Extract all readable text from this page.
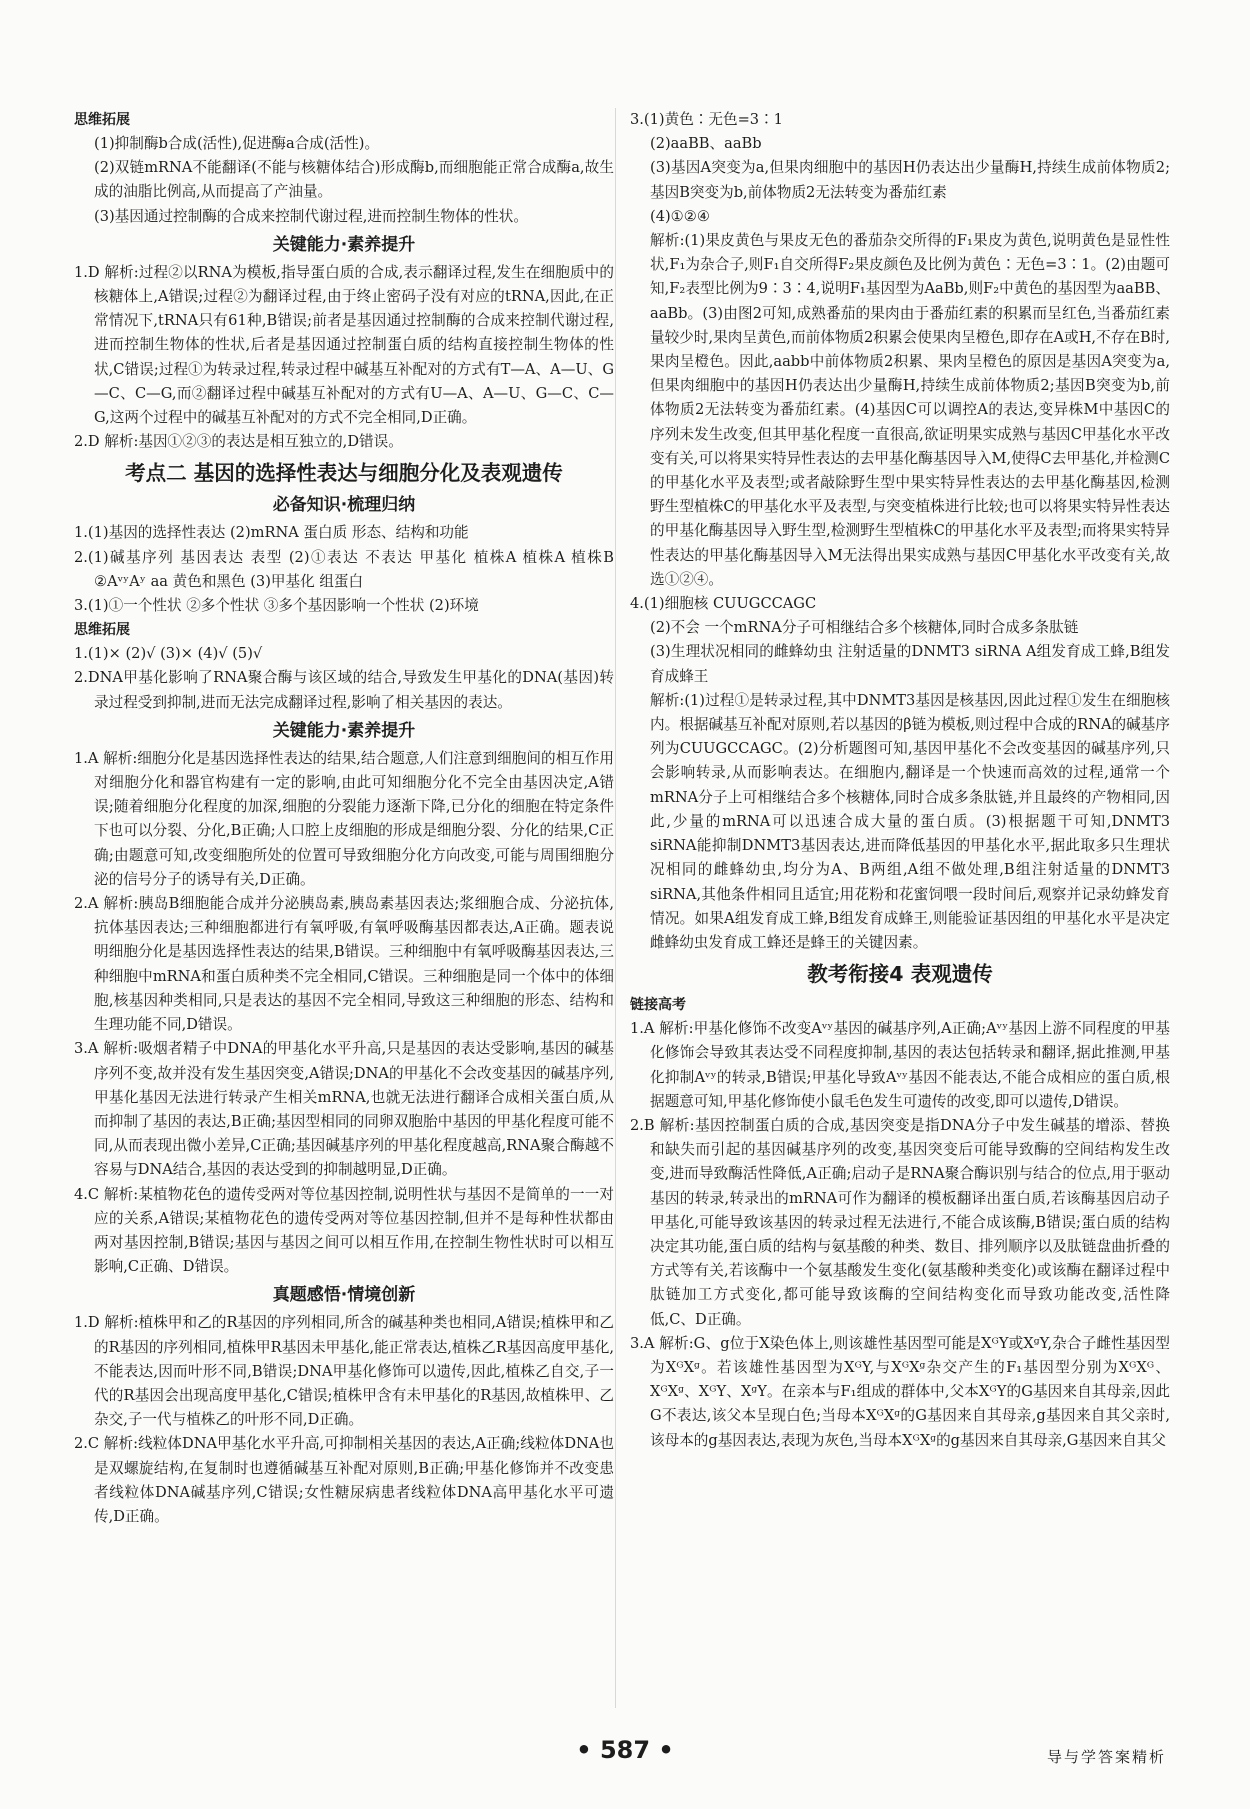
思维拓展

(1)抑制酶b合成(活性),促进酶a合成(活性)。

(2)双链mRNA不能翻译(不能与核糖体结合)形成酶b,而细胞能正常合成酶a,故生成的油脂比例高,从而提高了产油量。

(3)基因通过控制酶的合成来控制代谢过程,进而控制生物体的性状。

关键能力·素养提升

1.D 解析:过程②以RNA为模板,指导蛋白质的合成,表示翻译过程,发生在细胞质中的核糖体上,A错误;过程②为翻译过程,由于终止密码子没有对应的tRNA,因此,在正常情况下,tRNA只有61种,B错误;前者是基因通过控制酶的合成来控制代谢过程,进而控制生物体的性状,后者是基因通过控制蛋白质的结构直接控制生物体的性状,C错误;过程①为转录过程,转录过程中碱基互补配对的方式有T—A、A—U、G—C、C—G,而②翻译过程中碱基互补配对的方式有U—A、A—U、G—C、C—G,这两个过程中的碱基互补配对的方式不完全相同,D正确。

2.D 解析:基因①②③的表达是相互独立的,D错误。

考点二 基因的选择性表达与细胞分化及表观遗传

必备知识·梳理归纳

1.(1)基因的选择性表达 (2)mRNA 蛋白质 形态、结构和功能

2.(1)碱基序列 基因表达 表型 (2)①表达 不表达 甲基化 植株A 植株A 植株B ②AᵛʸAʸ aa 黄色和黑色 (3)甲基化 组蛋白

3.(1)①一个性状 ②多个性状 ③多个基因影响一个性状 (2)环境

思维拓展

1.(1)× (2)√ (3)× (4)√ (5)√

2.DNA甲基化影响了RNA聚合酶与该区域的结合,导致发生甲基化的DNA(基因)转录过程受到抑制,进而无法完成翻译过程,影响了相关基因的表达。

关键能力·素养提升

1.A 解析:细胞分化是基因选择性表达的结果,结合题意,人们注意到细胞间的相互作用对细胞分化和器官构建有一定的影响,由此可知细胞分化不完全由基因决定,A错误;随着细胞分化程度的加深,细胞的分裂能力逐渐下降,已分化的细胞在特定条件下也可以分裂、分化,B正确;人口腔上皮细胞的形成是细胞分裂、分化的结果,C正确;由题意可知,改变细胞所处的位置可导致细胞分化方向改变,可能与周围细胞分泌的信号分子的诱导有关,D正确。

2.A 解析:胰岛B细胞能合成并分泌胰岛素,胰岛素基因表达;浆细胞合成、分泌抗体,抗体基因表达;三种细胞都进行有氧呼吸,有氧呼吸酶基因都表达,A正确。题表说明细胞分化是基因选择性表达的结果,B错误。三种细胞中有氧呼吸酶基因表达,三种细胞中mRNA和蛋白质种类不完全相同,C错误。三种细胞是同一个体中的体细胞,核基因种类相同,只是表达的基因不完全相同,导致这三种细胞的形态、结构和生理功能不同,D错误。

3.A 解析:吸烟者精子中DNA的甲基化水平升高,只是基因的表达受影响,基因的碱基序列不变,故并没有发生基因突变,A错误;DNA的甲基化不会改变基因的碱基序列,甲基化基因无法进行转录产生相关mRNA,也就无法进行翻译合成相关蛋白质,从而抑制了基因的表达,B正确;基因型相同的同卵双胞胎中基因的甲基化程度可能不同,从而表现出微小差异,C正确;基因碱基序列的甲基化程度越高,RNA聚合酶越不容易与DNA结合,基因的表达受到的抑制越明显,D正确。

4.C 解析:某植物花色的遗传受两对等位基因控制,说明性状与基因不是简单的一一对应的关系,A错误;某植物花色的遗传受两对等位基因控制,但并不是每种性状都由两对基因控制,B错误;基因与基因之间可以相互作用,在控制生物性状时可以相互影响,C正确、D错误。

真题感悟·情境创新

1.D 解析:植株甲和乙的R基因的序列相同,所含的碱基种类也相同,A错误;植株甲和乙的R基因的序列相同,植株甲R基因未甲基化,能正常表达,植株乙R基因高度甲基化,不能表达,因而叶形不同,B错误;DNA甲基化修饰可以遗传,因此,植株乙自交,子一代的R基因会出现高度甲基化,C错误;植株甲含有未甲基化的R基因,故植株甲、乙杂交,子一代与植株乙的叶形不同,D正确。

2.C 解析:线粒体DNA甲基化水平升高,可抑制相关基因的表达,A正确;线粒体DNA也是双螺旋结构,在复制时也遵循碱基互补配对原则,B正确;甲基化修饰并不改变患者线粒体DNA碱基序列,C错误;女性糖尿病患者线粒体DNA高甲基化水平可遗传,D正确。

3.(1)黄色∶无色=3∶1

(2)aaBB、aaBb

(3)基因A突变为a,但果肉细胞中的基因H仍表达出少量酶H,持续生成前体物质2;基因B突变为b,前体物质2无法转变为番茄红素

(4)①②④

解析:(1)果皮黄色与果皮无色的番茄杂交所得的F₁果皮为黄色,说明黄色是显性性状,F₁为杂合子,则F₁自交所得F₂果皮颜色及比例为黄色∶无色=3∶1。(2)由题可知,F₂表型比例为9∶3∶4,说明F₁基因型为AaBb,则F₂中黄色的基因型为aaBB、aaBb。(3)由图2可知,成熟番茄的果肉由于番茄红素的积累而呈红色,当番茄红素量较少时,果肉呈黄色,而前体物质2积累会使果肉呈橙色,即存在A或H,不存在B时,果肉呈橙色。因此,aabb中前体物质2积累、果肉呈橙色的原因是基因A突变为a,但果肉细胞中的基因H仍表达出少量酶H,持续生成前体物质2;基因B突变为b,前体物质2无法转变为番茄红素。(4)基因C可以调控A的表达,变异株M中基因C的序列未发生改变,但其甲基化程度一直很高,欲证明果实成熟与基因C甲基化水平改变有关,可以将果实特异性表达的去甲基化酶基因导入M,使得C去甲基化,并检测C的甲基化水平及表型;或者敲除野生型中果实特异性表达的去甲基化酶基因,检测野生型植株C的甲基化水平及表型,与突变植株进行比较;也可以将果实特异性表达的甲基化酶基因导入野生型,检测野生型植株C的甲基化水平及表型;而将果实特异性表达的甲基化酶基因导入M无法得出果实成熟与基因C甲基化水平改变有关,故选①②④。

4.(1)细胞核 CUUGCCAGC

(2)不会 一个mRNA分子可相继结合多个核糖体,同时合成多条肽链

(3)生理状况相同的雌蜂幼虫 注射适量的DNMT3 siRNA A组发育成工蜂,B组发育成蜂王

解析:(1)过程①是转录过程,其中DNMT3基因是核基因,因此过程①发生在细胞核内。根据碱基互补配对原则,若以基因的β链为模板,则过程中合成的RNA的碱基序列为CUUGCCAGC。(2)分析题图可知,基因甲基化不会改变基因的碱基序列,只会影响转录,从而影响表达。在细胞内,翻译是一个快速而高效的过程,通常一个mRNA分子上可相继结合多个核糖体,同时合成多条肽链,并且最终的产物相同,因此,少量的mRNA可以迅速合成大量的蛋白质。(3)根据题干可知,DNMT3 siRNA能抑制DNMT3基因表达,进而降低基因的甲基化水平,据此取多只生理状况相同的雌蜂幼虫,均分为A、B两组,A组不做处理,B组注射适量的DNMT3 siRNA,其他条件相同且适宜;用花粉和花蜜饲喂一段时间后,观察并记录幼蜂发育情况。如果A组发育成工蜂,B组发育成蜂王,则能验证基因组的甲基化水平是决定雌蜂幼虫发育成工蜂还是蜂王的关键因素。

教考衔接4 表观遗传

链接高考

1.A 解析:甲基化修饰不改变Aᵛʸ基因的碱基序列,A正确;Aᵛʸ基因上游不同程度的甲基化修饰会导致其表达受不同程度抑制,基因的表达包括转录和翻译,据此推测,甲基化抑制Aᵛʸ的转录,B错误;甲基化导致Aᵛʸ基因不能表达,不能合成相应的蛋白质,根据题意可知,甲基化修饰使小鼠毛色发生可遗传的改变,即可以遗传,D错误。

2.B 解析:基因控制蛋白质的合成,基因突变是指DNA分子中发生碱基的增添、替换和缺失而引起的基因碱基序列的改变,基因突变后可能导致酶的空间结构发生改变,进而导致酶活性降低,A正确;启动子是RNA聚合酶识别与结合的位点,用于驱动基因的转录,转录出的mRNA可作为翻译的模板翻译出蛋白质,若该酶基因启动子甲基化,可能导致该基因的转录过程无法进行,不能合成该酶,B错误;蛋白质的结构决定其功能,蛋白质的结构与氨基酸的种类、数目、排列顺序以及肽链盘曲折叠的方式等有关,若该酶中一个氨基酸发生变化(氨基酸种类变化)或该酶在翻译过程中肽链加工方式变化,都可能导致该酶的空间结构变化而导致功能改变,活性降低,C、D正确。

3.A 解析:G、g位于X染色体上,则该雄性基因型可能是XᴳY或XᵍY,杂合子雌性基因型为XᴳXᵍ。若该雄性基因型为XᴳY,与XᴳXᵍ杂交产生的F₁基因型分别为XᴳXᴳ、XᴳXᵍ、XᴳY、XᵍY。在亲本与F₁组成的群体中,父本XᴳY的G基因来自其母亲,因此G不表达,该父本呈现白色;当母本XᴳXᵍ的G基因来自其母亲,g基因来自其父亲时,该母本的g基因表达,表现为灰色,当母本XᴳXᵍ的g基因来自其母亲,G基因来自其父

• 587 •	导与学答案精析
